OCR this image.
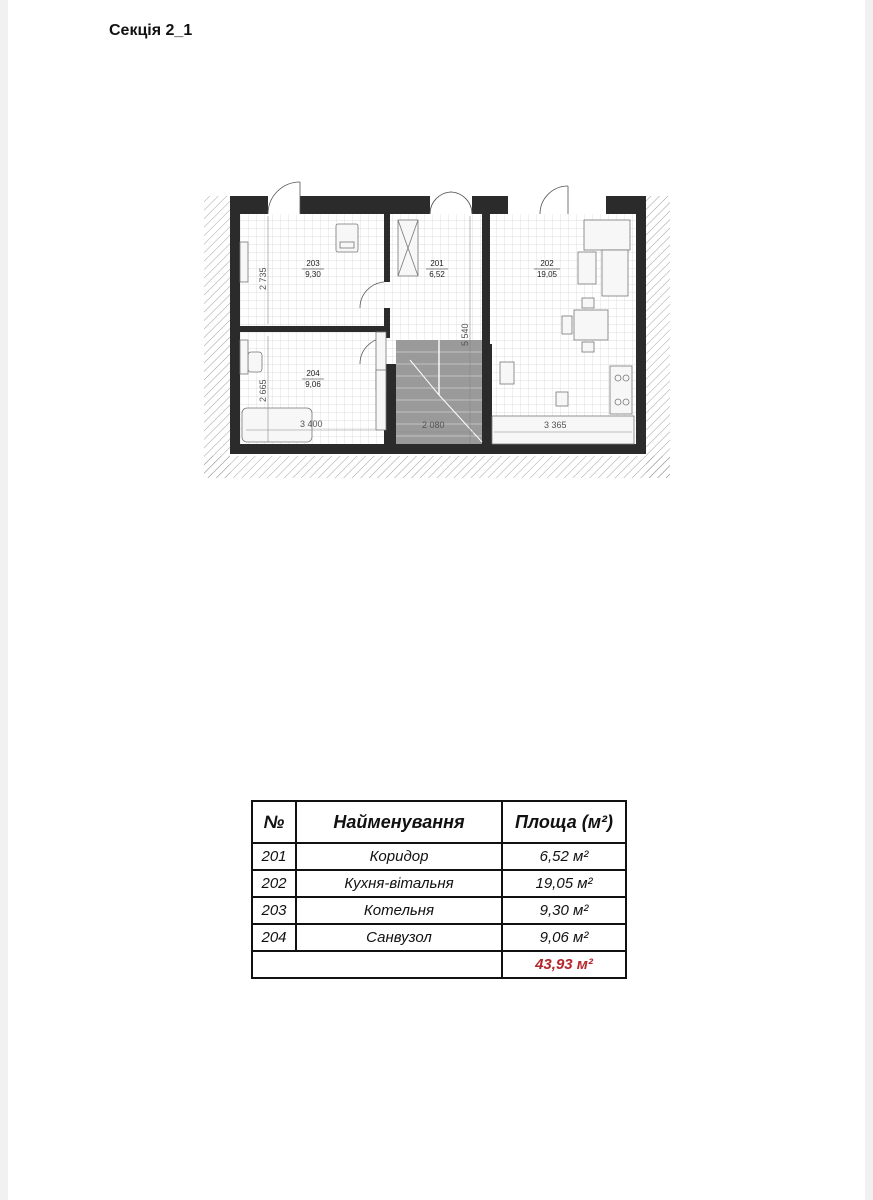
Секція 2_1
203
9,30
201
6,52
202
19,05
204
9,06
2 735
2 665
5 540
3 400	2 080	3 365
№	Найменування	Площа (м²)
201	Коридор	6,52 м²
202	Кухня-вітальня	19,05 м²
203	Котельня	9,30 м²
204	Санвузол	9,06 м²
		43,93 м²
